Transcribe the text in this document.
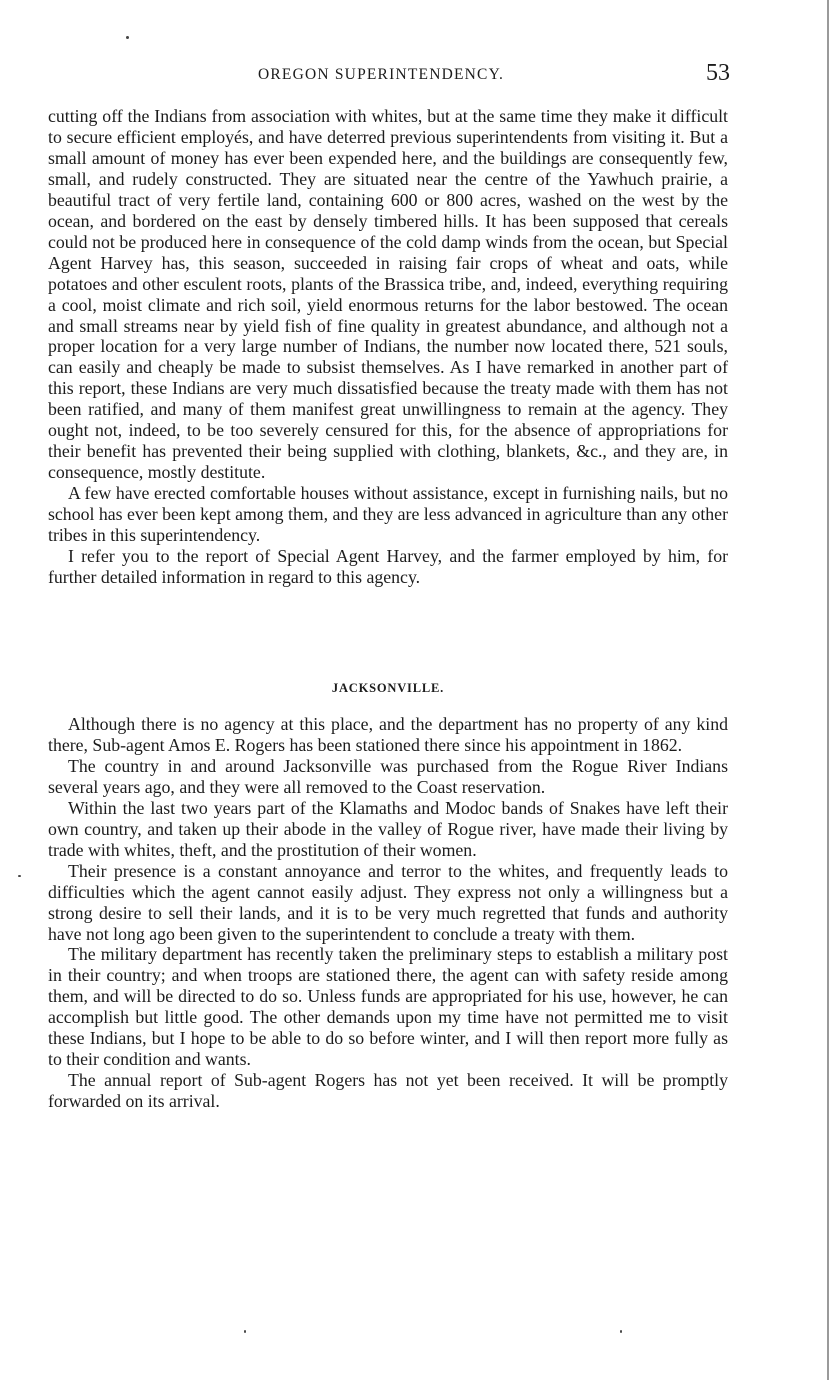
OREGON SUPERINTENDENCY.	53

cutting off the Indians from association with whites, but at the same time they make it difficult to secure efficient employés, and have deterred previous superintendents from visiting it. But a small amount of money has ever been expended here, and the buildings are consequently few, small, and rudely constructed. They are situated near the centre of the Yawhuch prairie, a beautiful tract of very fertile land, containing 600 or 800 acres, washed on the west by the ocean, and bordered on the east by densely timbered hills. It has been supposed that cereals could not be produced here in consequence of the cold damp winds from the ocean, but Special Agent Harvey has, this season, succeeded in raising fair crops of wheat and oats, while potatoes and other esculent roots, plants of the Brassica tribe, and, indeed, everything requiring a cool, moist climate and rich soil, yield enormous returns for the labor bestowed. The ocean and small streams near by yield fish of fine quality in greatest abundance, and although not a proper location for a very large number of Indians, the number now located there, 521 souls, can easily and cheaply be made to subsist themselves. As I have remarked in another part of this report, these Indians are very much dissatisfied because the treaty made with them has not been ratified, and many of them manifest great unwillingness to remain at the agency. They ought not, indeed, to be too severely censured for this, for the absence of appropriations for their benefit has prevented their being supplied with clothing, blankets, &c., and they are, in consequence, mostly destitute.

A few have erected comfortable houses without assistance, except in furnishing nails, but no school has ever been kept among them, and they are less advanced in agriculture than any other tribes in this superintendency.

I refer you to the report of Special Agent Harvey, and the farmer employed by him, for further detailed information in regard to this agency.

JACKSONVILLE.

Although there is no agency at this place, and the department has no property of any kind there, Sub-agent Amos E. Rogers has been stationed there since his appointment in 1862.

The country in and around Jacksonville was purchased from the Rogue River Indians several years ago, and they were all removed to the Coast reservation.

Within the last two years part of the Klamaths and Modoc bands of Snakes have left their own country, and taken up their abode in the valley of Rogue river, have made their living by trade with whites, theft, and the prostitution of their women.

Their presence is a constant annoyance and terror to the whites, and frequently leads to difficulties which the agent cannot easily adjust. They express not only a willingness but a strong desire to sell their lands, and it is to be very much regretted that funds and authority have not long ago been given to the superintendent to conclude a treaty with them.

The military department has recently taken the preliminary steps to establish a military post in their country; and when troops are stationed there, the agent can with safety reside among them, and will be directed to do so. Unless funds are appropriated for his use, however, he can accomplish but little good. The other demands upon my time have not permitted me to visit these Indians, but I hope to be able to do so before winter, and I will then report more fully as to their condition and wants.

The annual report of Sub-agent Rogers has not yet been received. It will be promptly forwarded on its arrival.
